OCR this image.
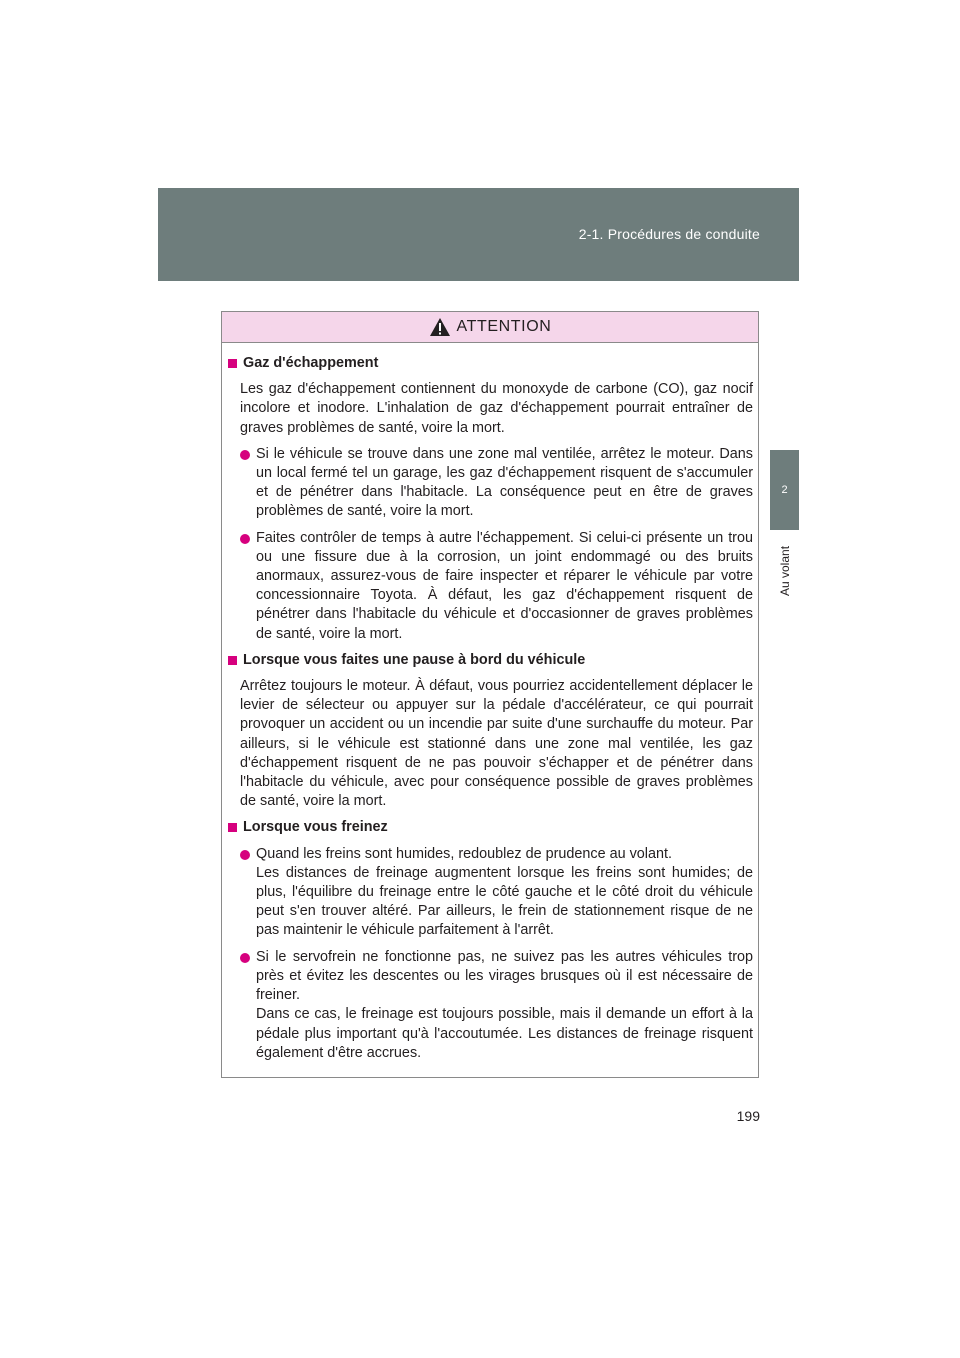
2-1. Procédures de conduite
2
Au volant
ATTENTION
Gaz d'échappement
Les gaz d'échappement contiennent du monoxyde de carbone (CO), gaz nocif incolore et inodore. L'inhalation de gaz d'échappement pourrait entraîner de graves problèmes de santé, voire la mort.

Si le véhicule se trouve dans une zone mal ventilée, arrêtez le moteur. Dans un local fermé tel un garage, les gaz d'échappement risquent de s'accumuler et de pénétrer dans l'habitacle. La conséquence peut en être de graves problèmes de santé, voire la mort.

Faites contrôler de temps à autre l'échappement. Si celui-ci présente un trou ou une fissure due à la corrosion, un joint endommagé ou des bruits anormaux, assurez-vous de faire inspecter et réparer le véhicule par votre concessionnaire Toyota. À défaut, les gaz d'échappement risquent de pénétrer dans l'habitacle du véhicule et d'occasionner de graves problèmes de santé, voire la mort.

Lorsque vous faites une pause à bord du véhicule
Arrêtez toujours le moteur. À défaut, vous pourriez accidentellement déplacer le levier de sélecteur ou appuyer sur la pédale d'accélérateur, ce qui pourrait provoquer un accident ou un incendie par suite d'une surchauffe du moteur. Par ailleurs, si le véhicule est stationné dans une zone mal ventilée, les gaz d'échappement risquent de ne pas pouvoir s'échapper et de pénétrer dans l'habitacle du véhicule, avec pour conséquence possible de graves problèmes de santé, voire la mort.
Lorsque vous freinez

Quand les freins sont humides, redoublez de prudence au volant.

Les distances de freinage augmentent lorsque les freins sont humides; de plus, l'équilibre du freinage entre le côté gauche et le côté droit du véhicule peut s'en trouver altéré. Par ailleurs, le frein de stationnement risque de ne pas maintenir le véhicule parfaitement à l'arrêt.

Si le servofrein ne fonctionne pas, ne suivez pas les autres véhicules trop près et évitez les descentes ou les virages brusques où il est nécessaire de freiner.

Dans ce cas, le freinage est toujours possible, mais il demande un effort à la pédale plus important qu'à l'accoutumée. Les distances de freinage risquent également d'être accrues.

199
